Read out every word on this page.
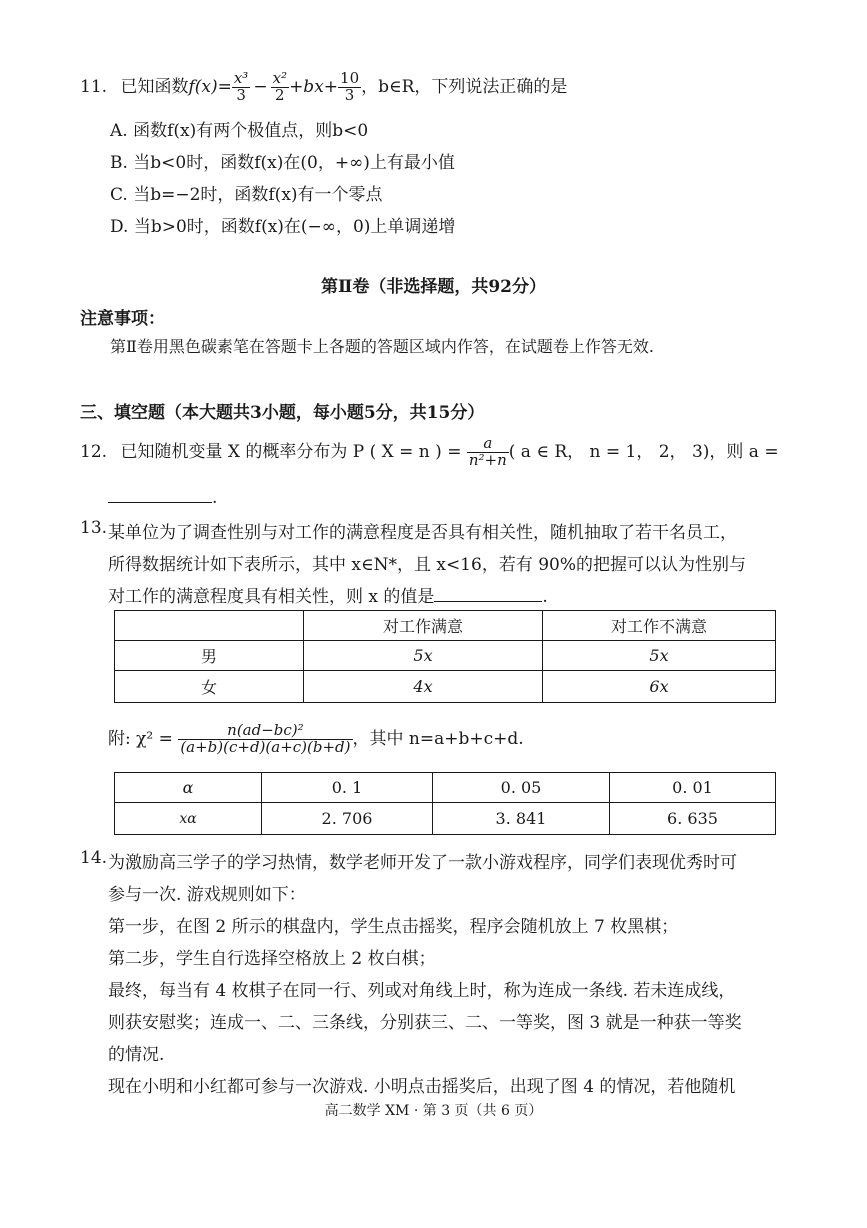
11. 已知函数$f(x)= \frac{\text{x³}}{3} - \frac{\text{x²}}{2} +bx+ \frac{10}{3}$ ，b∈R，下列说法正确的是
A. 函数f(x)有两个极值点，则b<0
B. 当b<0时，函数f(x)在(0，+∞)上有最小值
C. 当b=−2时，函数f(x)有一个零点
D. 当b>0时，函数f(x)在(−∞，0)上单调递增
第Ⅱ卷（非选择题，共92分）
注意事项：
第Ⅱ卷用黑色碳素笔在答题卡上各题的答题区域内作答，在试题卷上作答无效.
三、填空题（本大题共3小题，每小题5分，共15分）
12. 已知随机变量 X 的概率分布为 P ( X = n ) = $\frac{a}{\text{n²+n}}$ ( a ∈ R， n = 1， 2， 3)，则 a =
.
13. 某单位为了调查性别与对工作的满意程度是否具有相关性，随机抽取了若干名员工，
所得数据统计如下表所示，其中 x∈N*，且 x<16，若有 90%的把握可以认为性别与
对工作的满意程度具有相关性，则 x 的值是	.
	对工作满意	对工作不满意
男	5x	5x
女	4x	6x
附: $\chi^2 = \frac{\text{n(ad−bc)²}}{(a+b)(c+d)(a+c)(b+d)}$ ，其中 n=a+b+c+d.
α	0. 1	0. 05	0. 01
xα	2. 706	3. 841	6. 635
14. 为激励高三学子的学习热情，数学老师开发了一款小游戏程序，同学们表现优秀时可
参与一次. 游戏规则如下：
第一步，在图 2 所示的棋盘内，学生点击摇奖，程序会随机放上 7 枚黑棋；
第二步，学生自行选择空格放上 2 枚白棋；
最终，每当有 4 枚棋子在同一行、列或对角线上时，称为连成一条线. 若未连成线，
则获安慰奖；连成一、二、三条线，分别获三、二、一等奖，图 3 就是一种获一等奖
的情况.
现在小明和小红都可参与一次游戏. 小明点击摇奖后，出现了图 4 的情况，若他随机
高二数学 XM · 第 3 页（共 6 页）
